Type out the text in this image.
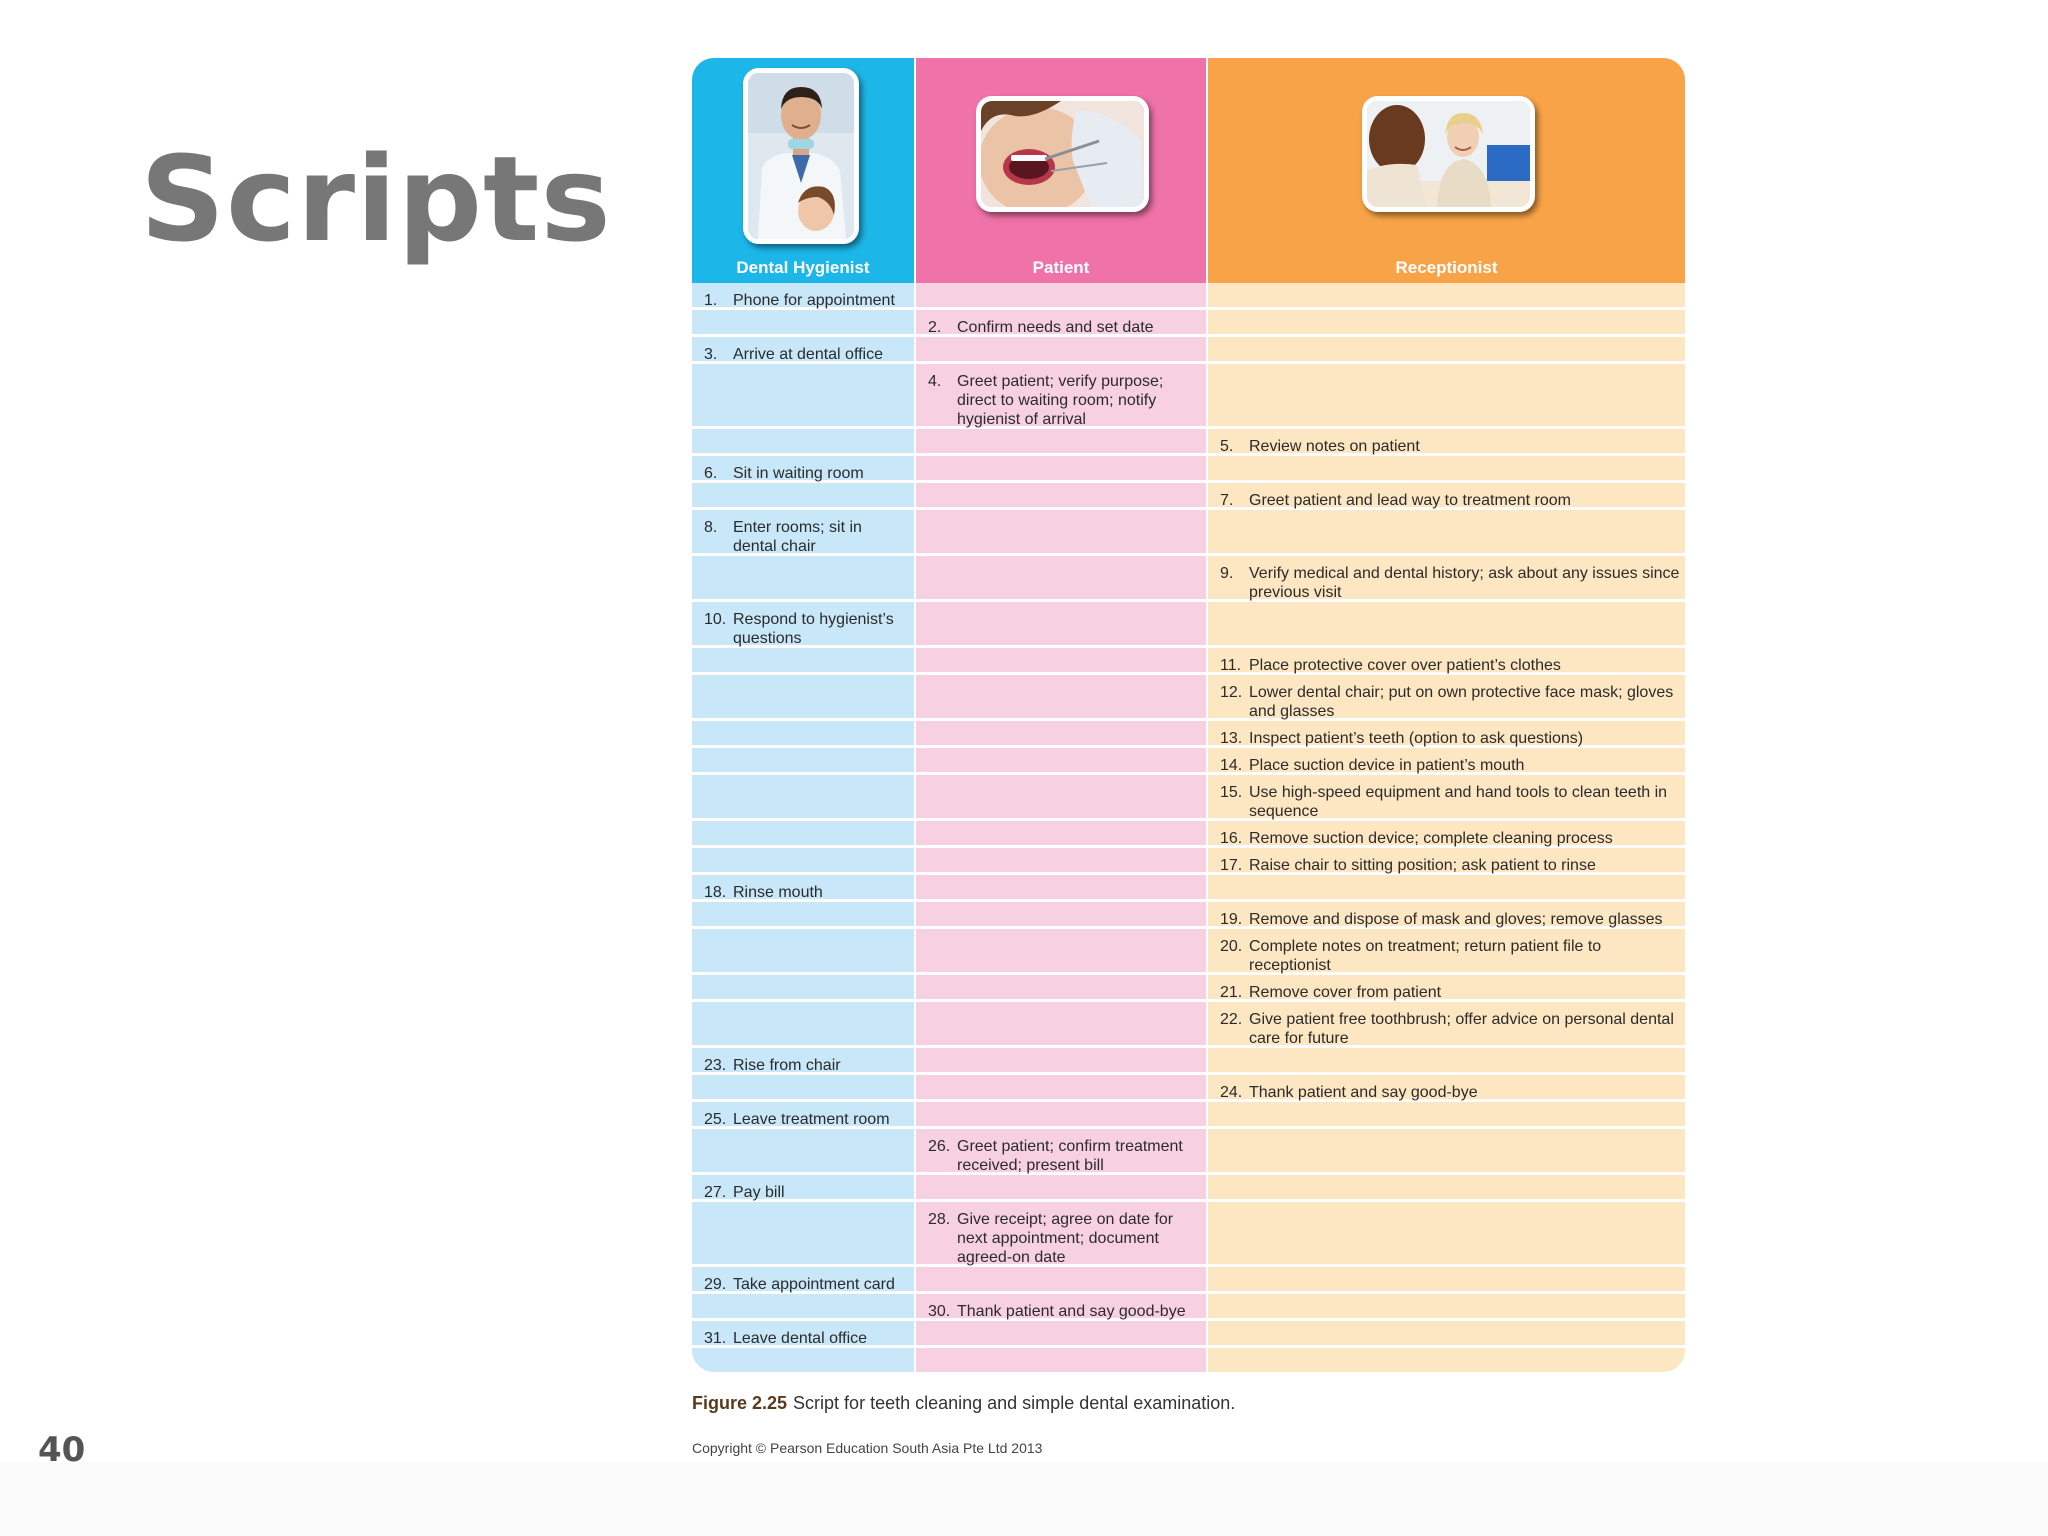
Scripts
40
Dental Hygienist	Patient	Receptionist
1. Phone for appointment
2. Confirm needs and set date
3. Arrive at dental office
4. Greet patient; verify purpose; direct to waiting room; notify hygienist of arrival
5. Review notes on patient
6. Sit in waiting room
7. Greet patient and lead way to treatment room
8. Enter rooms; sit in dental chair
9. Verify medical and dental history; ask about any issues since previous visit
10. Respond to hygienist’s questions
11. Place protective cover over patient’s clothes
12. Lower dental chair; put on own protective face mask; gloves and glasses
13. Inspect patient’s teeth (option to ask questions)
14. Place suction device in patient’s mouth
15. Use high-speed equipment and hand tools to clean teeth in sequence
16. Remove suction device; complete cleaning process
17. Raise chair to sitting position; ask patient to rinse
18. Rinse mouth
19. Remove and dispose of mask and gloves; remove glasses
20. Complete notes on treatment; return patient file to receptionist
21. Remove cover from patient
22. Give patient free toothbrush; offer advice on personal dental care for future
23. Rise from chair
24. Thank patient and say good-bye
25. Leave treatment room
26. Greet patient; confirm treatment received; present bill
27. Pay bill
28. Give receipt; agree on date for next appointment; document agreed-on date
29. Take appointment card
30. Thank patient and say good-bye
31. Leave dental office
Figure 2.25 Script for teeth cleaning and simple dental examination.
Copyright © Pearson Education South Asia Pte Ltd 2013
